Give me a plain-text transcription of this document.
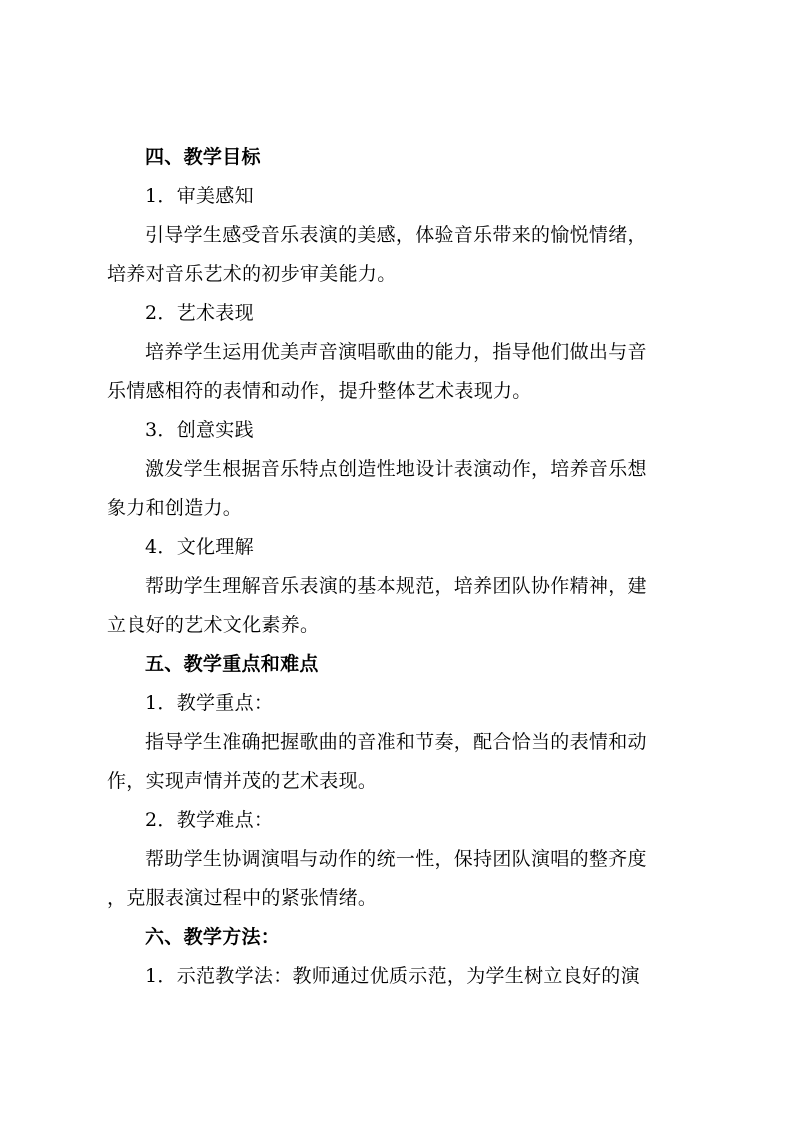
四、教学目标
1．审美感知
引导学生感受音乐表演的美感，体验音乐带来的愉悦情绪，
培养对音乐艺术的初步审美能力。
2．艺术表现
培养学生运用优美声音演唱歌曲的能力，指导他们做出与音
乐情感相符的表情和动作，提升整体艺术表现力。
3．创意实践
激发学生根据音乐特点创造性地设计表演动作，培养音乐想
象力和创造力。
4．文化理解
帮助学生理解音乐表演的基本规范，培养团队协作精神，建
立良好的艺术文化素养。
五、教学重点和难点
1．教学重点：
指导学生准确把握歌曲的音准和节奏，配合恰当的表情和动
作，实现声情并茂的艺术表现。
2．教学难点：
帮助学生协调演唱与动作的统一性，保持团队演唱的整齐度
，克服表演过程中的紧张情绪。
六、教学方法：
1．示范教学法：教师通过优质示范，为学生树立良好的演
